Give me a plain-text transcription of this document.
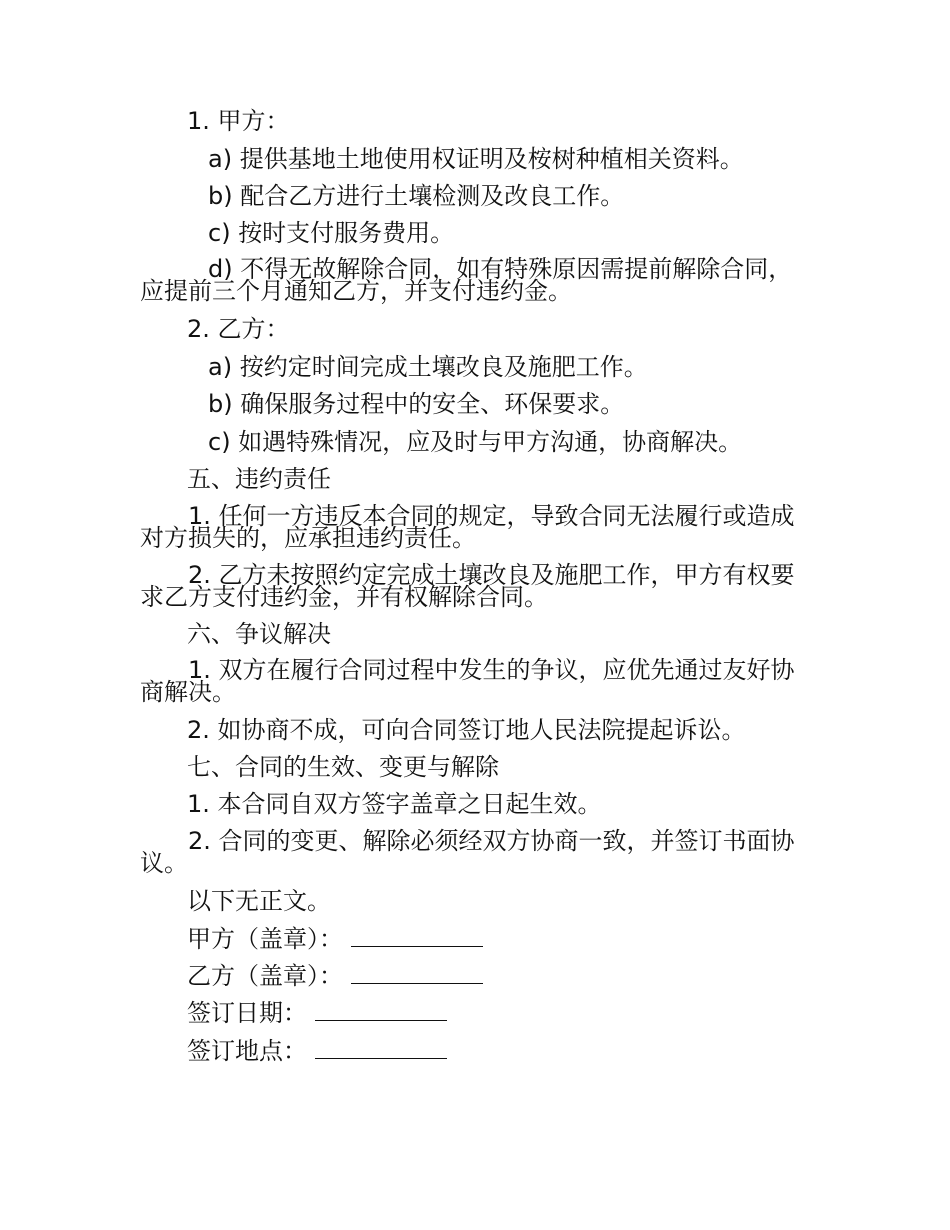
1. 甲方：
a) 提供基地土地使用权证明及桉树种植相关资料。
b) 配合乙方进行土壤检测及改良工作。
c) 按时支付服务费用。
d) 不得无故解除合同，如有特殊原因需提前解除合同，应提前三个月通知乙方，并支付违约金。
2. 乙方：
a) 按约定时间完成土壤改良及施肥工作。
b) 确保服务过程中的安全、环保要求。
c) 如遇特殊情况，应及时与甲方沟通，协商解决。
五、违约责任
1. 任何一方违反本合同的规定，导致合同无法履行或造成对方损失的，应承担违约责任。
2. 乙方未按照约定完成土壤改良及施肥工作，甲方有权要求乙方支付违约金，并有权解除合同。
六、争议解决
1. 双方在履行合同过程中发生的争议，应优先通过友好协商解决。
2. 如协商不成，可向合同签订地人民法院提起诉讼。
七、合同的生效、变更与解除
1. 本合同自双方签字盖章之日起生效。
2. 合同的变更、解除必须经双方协商一致，并签订书面协议。
以下无正文。
甲方（盖章）：
乙方（盖章）：
签订日期：
签订地点：
